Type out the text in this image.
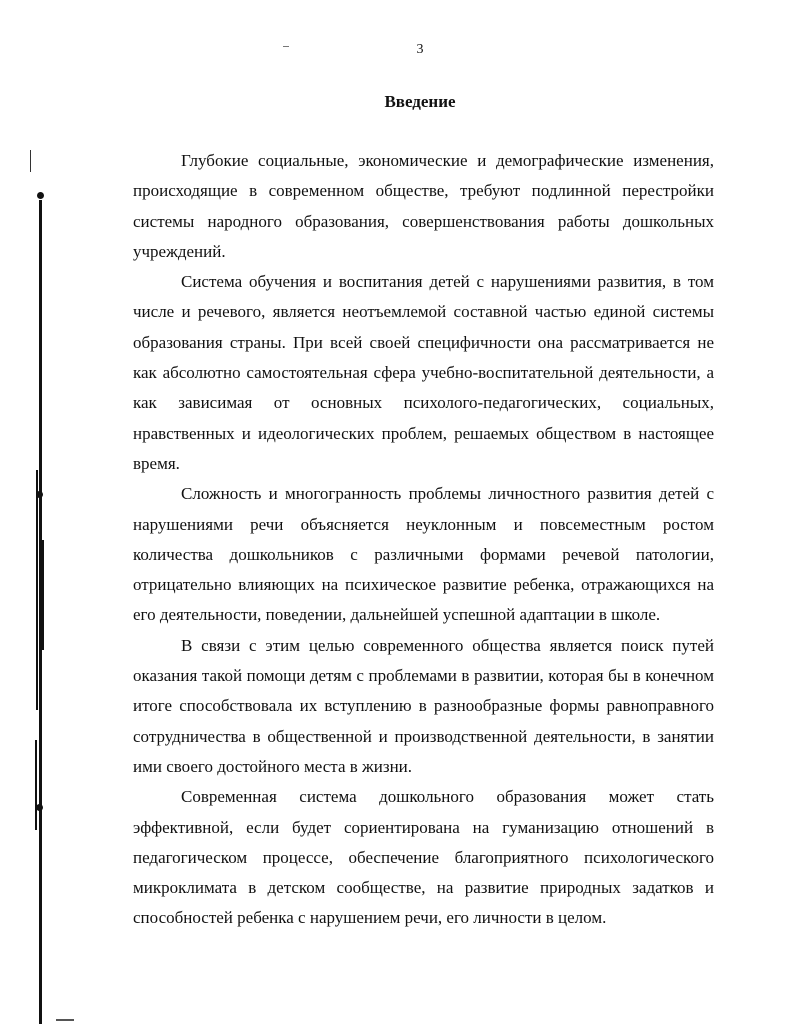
3
Введение

Глубокие социальные, экономические и демографические изменения, происходящие в современном обществе, требуют подлинной перестройки системы народного образования, совершенствования работы дошкольных учреждений.

Система обучения и воспитания детей с нарушениями развития, в том числе и речевого, является неотъемлемой составной частью единой системы образования страны. При всей своей специфичности она рассматривается не как абсолютно самостоятельная сфера учебно-воспитательной деятельности, а как зависимая от основных психолого-педагогических, социальных, нравственных и идеологических проблем, решаемых обществом в настоящее время.

Сложность и многогранность проблемы личностного развития детей с нарушениями речи объясняется неуклонным и повсеместным ростом количества дошкольников с различными формами речевой патологии, отрицательно влияющих на психическое развитие ребенка, отражающихся на его деятельности, поведении, дальнейшей успешной адаптации в школе.

В связи с этим целью современного общества является поиск путей оказания такой помощи детям с проблемами в развитии, которая бы в конечном итоге способствовала их вступлению в разнообразные формы равноправного сотрудничества в общественной и производственной деятельности, в занятии ими своего достойного места в жизни.

Современная система дошкольного образования может стать эффективной, если будет сориентирована на гуманизацию отношений в педагогическом процессе, обеспечение благоприятного психологического микроклимата в детском сообществе, на развитие природных задатков и способностей ребенка с нарушением речи, его личности в целом.
